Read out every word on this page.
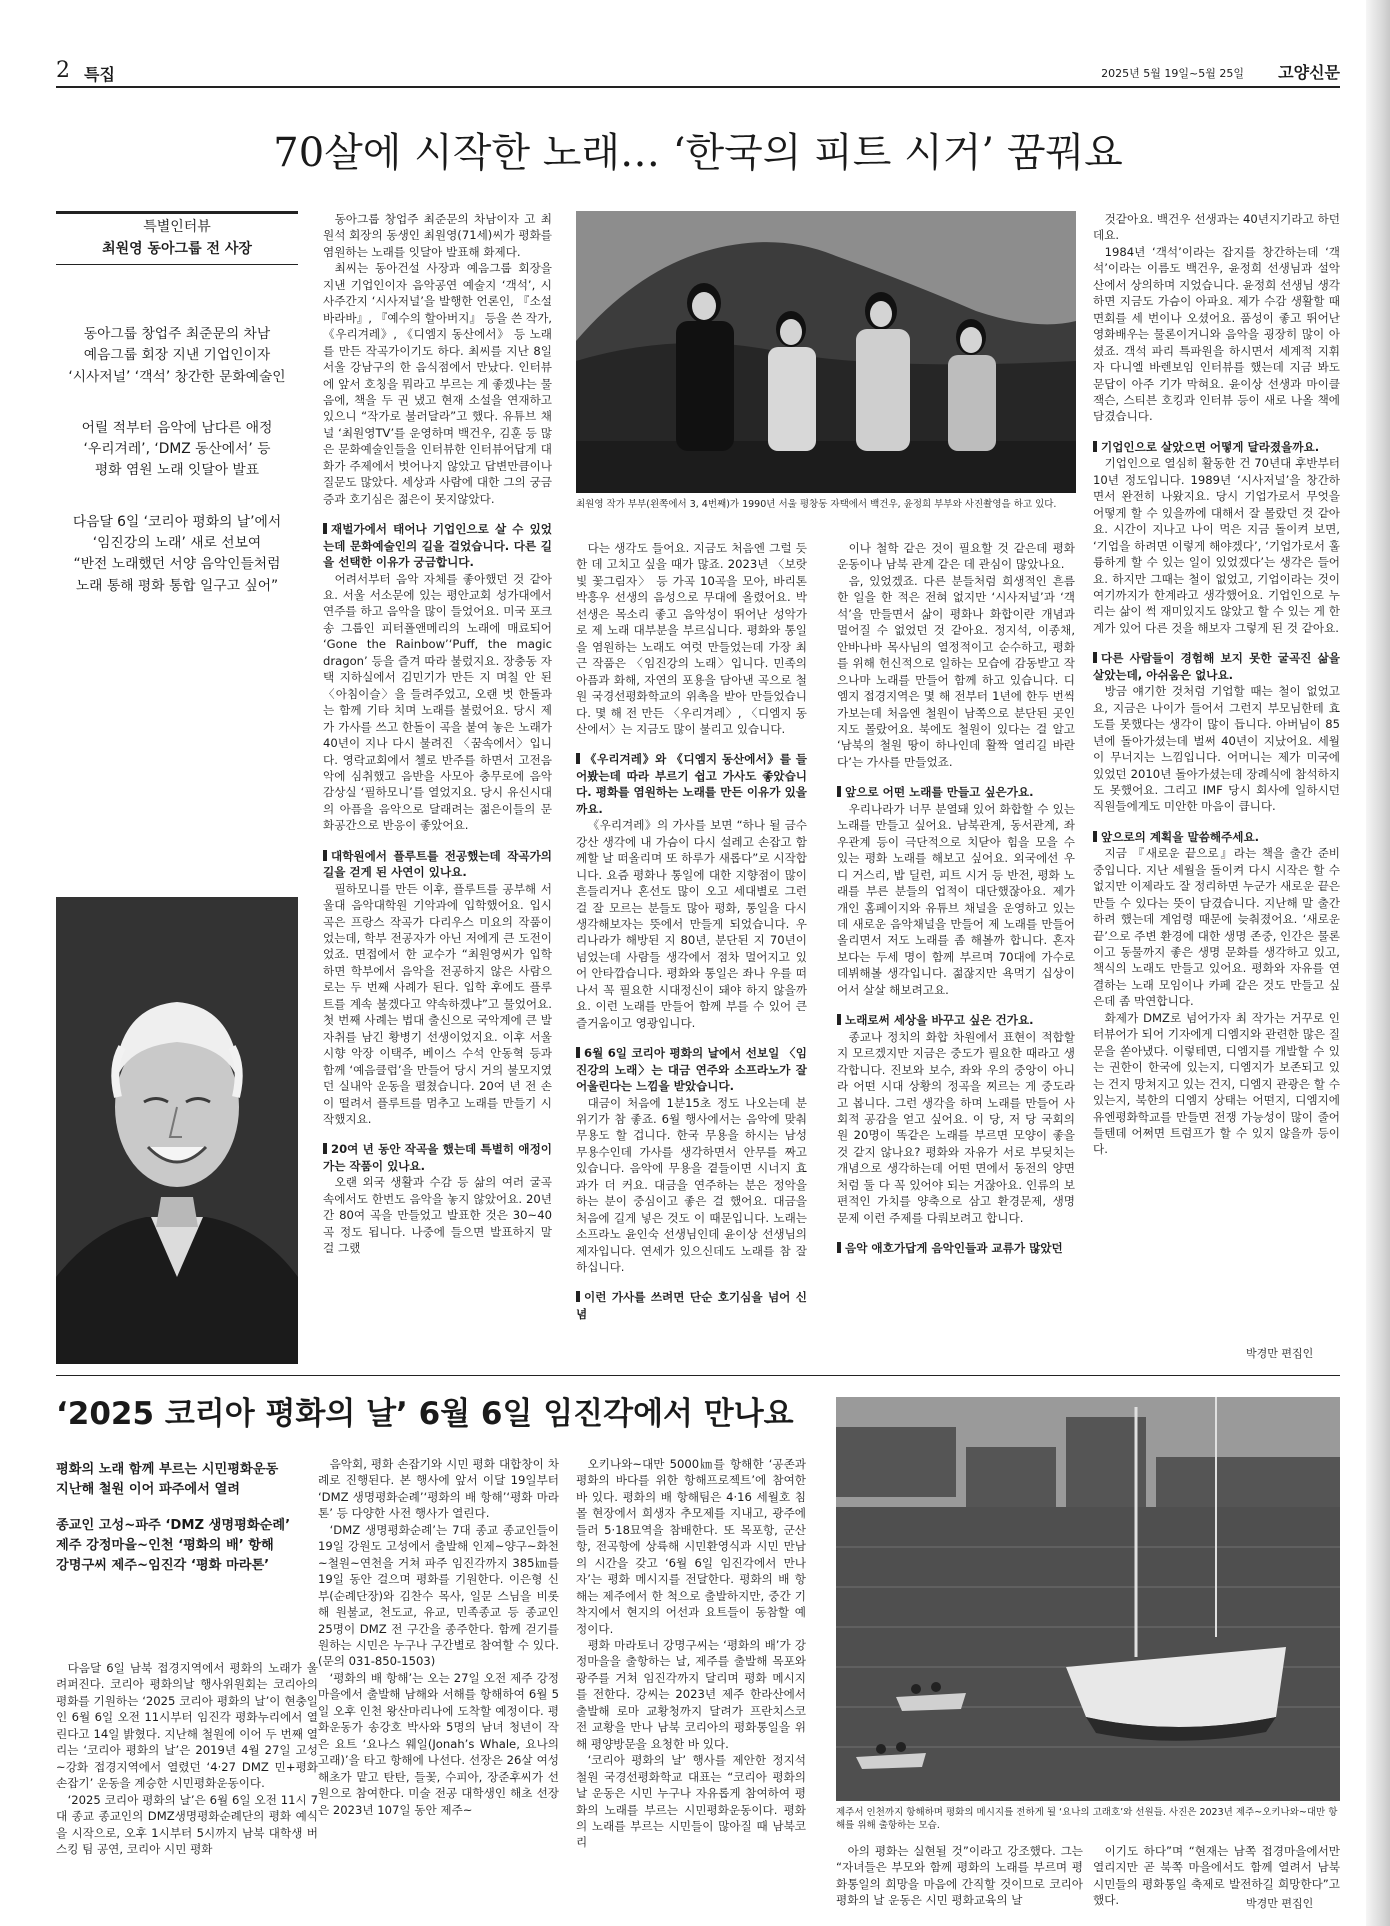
2 특집	2025년 5월 19일~5월 25일 고양신문
70살에 시작한 노래… ‘한국의 피트 시거’ 꿈꿔요
특별인터뷰
최원영 동아그룹 전 사장
동아그룹 창업주 최준문의 차남
예음그룹 회장 지낸 기업인이자
‘시사저널’ ‘객석’ 창간한 문화예술인
어릴 적부터 음악에 남다른 애정
‘우리겨레’, ‘DMZ 동산에서’ 등
평화 염원 노래 잇달아 발표
다음달 6일 ‘코리아 평화의 날’에서
‘임진강의 노래’ 새로 선보여
“반전 노래했던 서양 음악인들처럼
노래 통해 평화 통합 일구고 싶어”
최원영 작가 부부(왼쪽에서 3, 4번째)가 1990년 서울 평창동 자택에서 백건우, 윤정희 부부와 사진촬영을 하고 있다.

동아그룹 창업주 최준문의 차남이자 고 최원석 회장의 동생인 최원영(71세)씨가 평화를 염원하는 노래를 잇달아 발표해 화제다.

최씨는 동아건설 사장과 예음그룹 회장을 지낸 기업인이자 음악공연 예술지 ‘객석’, 시사주간지 ‘시사저널’을 발행한 언론인, 『소설 바라바』, 『예수의 할아버지』 등을 쓴 작가, 《우리겨레》, 《디엠지 동산에서》 등 노래를 만든 작곡가이기도 하다. 최씨를 지난 8일 서울 강남구의 한 음식점에서 만났다. 인터뷰에 앞서 호칭을 뭐라고 부르는 게 좋겠냐는 물음에, 책을 두 권 냈고 현재 소설을 연재하고 있으니 “작가로 불러달라”고 했다. 유튜브 채널 ‘최원영TV’를 운영하며 백건우, 김훈 등 많은 문화예술인들을 인터뷰한 인터뷰어답게 대화가 주제에서 벗어나지 않았고 답변만큼이나 질문도 많았다. 세상과 사람에 대한 그의 궁금증과 호기심은 젊은이 못지않았다.

재벌가에서 태어나 기업인으로 살 수 있었는데 문화예술인의 길을 걸었습니다. 다른 길을 선택한 이유가 궁금합니다.

어려서부터 음악 자체를 좋아했던 것 같아요. 서울 서소문에 있는 평안교회 성가대에서 연주를 하고 음악을 많이 들었어요. 미국 포크송 그룹인 피터폴앤메리의 노래에 매료되어 ‘Gone the Rainbow’‘Puff, the magic dragon’ 등을 즐겨 따라 불렀지요. 장충동 자택 지하실에서 김민기가 만든 지 며칠 안 된 〈아침이슬〉을 들려주었고, 오랜 벗 한돌과는 함께 기타 치며 노래를 불렀어요. 당시 제가 가사를 쓰고 한돌이 곡을 붙여 놓은 노래가 40년이 지나 다시 불려진 〈꿈속에서〉입니다. 영락교회에서 첼로 반주를 하면서 고전음악에 심취했고 음반을 사모아 충무로에 음악감상실 ‘필하모니’를 열었지요. 당시 유신시대의 아픔을 음악으로 달래려는 젊은이들의 문화공간으로 반응이 좋았어요.

대학원에서 플루트를 전공했는데 작곡가의 길을 걷게 된 사연이 있나요.

필하모니를 만든 이후, 플루트를 공부해 서울대 음악대학원 기악과에 입학했어요. 입시 곡은 프랑스 작곡가 다리우스 미요의 작품이었는데, 학부 전공자가 아닌 저에게 큰 도전이었죠. 면접에서 한 교수가 “최원영씨가 입학하면 학부에서 음악을 전공하지 않은 사람으로는 두 번째 사례가 된다. 입학 후에도 플루트를 계속 불겠다고 약속하겠냐”고 물었어요. 첫 번째 사례는 법대 출신으로 국악계에 큰 발자취를 남긴 황병기 선생이었지요. 이후 서울시향 악장 이택주, 베이스 수석 안동혁 등과 함께 ‘예음클럽’을 만들어 당시 거의 불모지였던 실내악 운동을 펼쳤습니다. 20여 년 전 손이 떨려서 플루트를 멈추고 노래를 만들기 시작했지요.

20여 년 동안 작곡을 했는데 특별히 애정이 가는 작품이 있나요.

오랜 외국 생활과 수감 등 삶의 여러 굴곡 속에서도 한번도 음악을 놓지 않았어요. 20년간 80여 곡을 만들었고 발표한 것은 30~40곡 정도 됩니다. 나중에 들으면 발표하지 말 걸 그랬

다는 생각도 들어요. 지금도 처음엔 그럴 듯한 데 고치고 싶을 때가 많죠. 2023년 〈보랏빛 꽃그림자〉 등 가곡 10곡을 모아, 바리톤 박흥우 선생의 음성으로 무대에 올렸어요. 박 선생은 목소리 좋고 음악성이 뛰어난 성악가로 제 노래 대부분을 부르십니다. 평화와 통일을 염원하는 노래도 여럿 만들었는데 가장 최근 작품은 〈임진강의 노래〉입니다. 민족의 아픔과 화해, 자연의 포용을 담아낸 곡으로 철원 국경선평화학교의 위촉을 받아 만들었습니다. 몇 해 전 만든 〈우리겨레〉, 〈디엠지 동산에서〉는 지금도 많이 불리고 있습니다.

《우리겨레》와 《디엠지 동산에서》를 들어봤는데 따라 부르기 쉽고 가사도 좋았습니다. 평화를 염원하는 노래를 만든 이유가 있을까요.

《우리겨레》의 가사를 보면 “하나 될 금수강산 생각에 내 가슴이 다시 설레고 손잡고 함께할 날 떠올리며 또 하루가 새롭다”로 시작합니다. 요즘 평화나 통일에 대한 지향점이 많이 흔들리거나 혼선도 많이 오고 세대별로 그런 걸 잘 모르는 분들도 많아 평화, 통일을 다시 생각해보자는 뜻에서 만들게 되었습니다. 우리나라가 해방된 지 80년, 분단된 지 70년이 넘었는데 사람들 생각에서 점차 멀어지고 있어 안타깝습니다. 평화와 통일은 좌나 우를 떠나서 꼭 필요한 시대정신이 돼야 하지 않을까요. 이런 노래를 만들어 함께 부를 수 있어 큰 즐거움이고 영광입니다.

6월 6일 코리아 평화의 날에서 선보일 〈임진강의 노래〉는 대금 연주와 소프라노가 잘 어울린다는 느낌을 받았습니다.

대금이 처음에 1분15초 정도 나오는데 분위기가 참 좋죠. 6월 행사에서는 음악에 맞춰 무용도 할 겁니다. 한국 무용을 하시는 남성 무용수인데 가사를 생각하면서 안무를 짜고 있습니다. 음악에 무용을 곁들이면 시너지 효과가 더 커요. 대금을 연주하는 분은 정악을 하는 분이 중심이고 좋은 걸 했어요. 대금을 처음에 길게 넣은 것도 이 때문입니다. 노래는 소프라노 윤인숙 선생님인데 윤이상 선생님의 제자입니다. 연세가 있으신데도 노래를 참 잘하십니다.

이런 가사를 쓰려면 단순 호기심을 넘어 신념

이나 철학 같은 것이 필요할 것 같은데 평화운동이나 남북 관계 같은 데 관심이 많았나요.

음, 있었겠죠. 다른 분들처럼 희생적인 흔름한 일을 한 적은 전혀 없지만 ‘시사저널’과 ‘객석’을 만들면서 삶이 평화나 화합이란 개념과 멀어질 수 없었던 것 같아요. 정지석, 이종채, 안바나바 목사님의 열정적이고 순수하고, 평화를 위해 헌신적으로 일하는 모습에 감동받고 작으나마 노래를 만들어 함께 하고 있습니다. 디엠지 접경지역은 몇 해 전부터 1년에 한두 번씩 가보는데 처음엔 철원이 남쪽으로 분단된 곳인지도 몰랐어요. 북에도 철원이 있다는 걸 알고 ‘남북의 철원 땅이 하나인데 활짝 열리길 바란다’는 가사를 만들었죠.

앞으로 어떤 노래를 만들고 싶은가요.

우리나라가 너무 분열돼 있어 화합할 수 있는 노래를 만들고 싶어요. 남북관계, 동서관계, 좌우관계 등이 극단적으로 치닫아 힘을 모을 수 있는 평화 노래를 해보고 싶어요. 외국에선 우디 거스리, 밥 딜런, 피트 시거 등 반전, 평화 노래를 부른 분들의 업적이 대단했잖아요. 제가 개인 홈페이지와 유튜브 채널을 운영하고 있는데 새로운 음악채널을 만들어 제 노래를 만들어 올리면서 저도 노래를 좀 해볼까 합니다. 혼자보다는 두세 명이 함께 부르며 70대에 가수로 데뷔해볼 생각입니다. 젊잖지만 욕먹기 십상이어서 살살 해보려고요.

노래로써 세상을 바꾸고 싶은 건가요.

종교나 정치의 화합 차원에서 표현이 적합할지 모르겠지만 지금은 중도가 필요한 때라고 생각합니다. 진보와 보수, 좌와 우의 중앙이 아니라 어떤 시대 상황의 정곡을 찌르는 게 중도라고 봅니다. 그런 생각을 하며 노래를 만들어 사회적 공감을 얻고 싶어요. 이 당, 저 당 국회의원 20명이 똑같은 노래를 부르면 모양이 좋을 것 같지 않나요? 평화와 자유가 서로 부딪치는 개념으로 생각하는데 어떤 면에서 동전의 양면처럼 둘 다 꼭 있어야 되는 거잖아요. 인류의 보편적인 가치를 양축으로 삼고 환경문제, 생명 문제 이런 주제를 다뤄보려고 합니다.

음악 애호가답게 음악인들과 교류가 많았던

것같아요. 백건우 선생과는 40년지기라고 하던데요.

1984년 ‘객석’이라는 잡지를 창간하는데 ‘객석’이라는 이름도 백건우, 윤정희 선생님과 설악산에서 상의하며 지었습니다. 윤정희 선생님 생각하면 지금도 가슴이 아파요. 제가 수감 생활할 때 면회를 세 번이나 오셨어요. 품성이 좋고 뛰어난 영화배우는 물론이거니와 음악을 굉장히 많이 아셨죠. 객석 파리 특파원을 하시면서 세계적 지휘자 다니엘 바렌보임 인터뷰를 했는데 지금 봐도 문답이 아주 기가 막혀요. 윤이상 선생과 마이클 잭슨, 스티븐 호킹과 인터뷰 등이 새로 나올 책에 담겼습니다.

기업인으로 살았으면 어떻게 달라졌을까요.

기업인으로 열심히 활동한 건 70년대 후반부터 10년 정도입니다. 1989년 ‘시사저널’을 창간하면서 완전히 나왔지요. 당시 기업가로서 무엇을 어떻게 할 수 있을까에 대해서 잘 몰랐던 것 같아요. 시간이 지나고 나이 먹은 지금 돌이켜 보면, ‘기업을 하려면 이렇게 해야겠다’, ‘기업가로서 훌륭하게 할 수 있는 일이 있었겠다’는 생각은 들어요. 하지만 그때는 철이 없었고, 기업이라는 것이 여기까지가 한계라고 생각했어요. 기업인으로 누리는 삶이 썩 재미있지도 않았고 할 수 있는 게 한계가 있어 다른 것을 해보자 그렇게 된 것 같아요.

다른 사람들이 경험해 보지 못한 굴곡진 삶을 살았는데, 아쉬움은 없나요.

방금 얘기한 것처럼 기업할 때는 철이 없었고요, 지금은 나이가 들어서 그런지 부모님한테 효도를 못했다는 생각이 많이 듭니다. 아버님이 85년에 돌아가셨는데 벌써 40년이 지났어요. 세월이 무너지는 느낌입니다. 어머니는 제가 미국에 있었던 2010년 돌아가셨는데 장례식에 참석하지도 못했어요. 그리고 IMF 당시 회사에 일하시던 직원들에게도 미안한 마음이 큽니다.

앞으로의 계획을 말씀해주세요.

지금 『새로운 끝으로』라는 책을 출간 준비 중입니다. 지난 세월을 돌이켜 다시 시작은 할 수 없지만 이제라도 잘 정리하면 누군가 새로운 끝은 만들 수 있다는 뜻이 담겼습니다. 지난해 말 출간하려 했는데 계엄령 때문에 늦춰졌어요. ‘새로운 끝’으로 주변 환경에 대한 생명 존중, 인간은 물론이고 동물까지 좋은 생명 문화를 생각하고 있고, 책식의 노래도 만들고 있어요. 평화와 자유를 연결하는 노래 모임이나 카페 같은 것도 만들고 싶은데 좀 막연합니다.

화제가 DMZ로 넘어가자 최 작가는 거꾸로 인터뷰어가 되어 기자에게 디엠지와 관련한 많은 질문을 쏟아냈다. 이렇테면, 디엠지를 개발할 수 있는 권한이 한국에 있는지, 디엠지가 보존되고 있는 건지 망쳐지고 있는 건지, 디엠지 관광은 할 수 있는지, 북한의 디엠지 상태는 어떤지, 디엠지에 유엔평화학교를 만들면 전쟁 가능성이 많이 줄어들텐데 어쩌면 트럼프가 할 수 있지 않을까 등이다.

박경만 편집인
‘2025 코리아 평화의 날’ 6월 6일 임진각에서 만나요
평화의 노래 함께 부르는 시민평화운동
지난해 철원 이어 파주에서 열려
종교인 고성~파주 ‘DMZ 생명평화순례’
제주 강정마을~인천 ‘평화의 배’ 항해
강명구씨 제주~임진각 ‘평화 마라톤’

다음달 6일 남북 접경지역에서 평화의 노래가 울려퍼진다. 코리아 평화의날 행사위원회는 코리아의 평화를 기원하는 ‘2025 코리아 평화의 날’이 현충일인 6월 6일 오전 11시부터 임진각 평화누리에서 열린다고 14일 밝혔다. 지난해 철원에 이어 두 번째 열리는 ‘코리아 평화의 날’은 2019년 4월 27일 고성~강화 접경지역에서 열렸던 ‘4·27 DMZ 민+평화손잡기’ 운동을 계승한 시민평화운동이다.

‘2025 코리아 평화의 날’은 6월 6일 오전 11시 7대 종교 종교인의 DMZ생명평화순례단의 평화 예식을 시작으로, 오후 1시부터 5시까지 남북 대학생 버스킹 팀 공연, 코리아 시민 평화

음악회, 평화 손잡기와 시민 평화 대합창이 차례로 진행된다. 본 행사에 앞서 이달 19일부터 ‘DMZ 생명평화순례’‘평화의 배 항해’‘평화 마라톤’ 등 다양한 사전 행사가 열린다.

‘DMZ 생명평화순례’는 7대 종교 종교인들이 19일 강원도 고성에서 출발해 인제~양구~화천~철원~연천을 거쳐 파주 임진각까지 385㎞를 19일 동안 걸으며 평화를 기원한다. 이은형 신부(순례단장)와 김찬수 목사, 일문 스님을 비롯해 원불교, 천도교, 유교, 민족종교 등 종교인 25명이 DMZ 전 구간을 종주한다. 함께 걷기를 원하는 시민은 누구나 구간별로 참여할 수 있다. (문의 031-850-1503)

‘평화의 배 항해’는 오는 27일 오전 제주 강정마을에서 출발해 남해와 서해를 항해하여 6월 5일 오후 인천 왕산마리나에 도착할 예정이다. 평화운동가 송강호 박사와 5명의 남녀 청년이 작은 요트 ‘요나스 웨일(Jonah’s Whale, 요나의 고래)’을 타고 항해에 나선다. 선장은 26살 여성 해초가 맡고 탄탄, 들꽃, 수피아, 장준후씨가 선원으로 참여한다. 미술 전공 대학생인 해초 선장은 2023년 107일 동안 제주~

오키나와~대만 5000㎞를 항해한 ‘공존과 평화의 바다를 위한 항해프로젝트’에 참여한 바 있다. 평화의 배 항해팀은 4·16 세월호 침몰 현장에서 희생자 추모제를 지내고, 광주에 들러 5·18묘역을 참배한다. 또 목포항, 군산항, 전곡항에 상륙해 시민환영식과 시민 만남의 시간을 갖고 ‘6월 6일 임진각에서 만나자’는 평화 메시지를 전달한다. 평화의 배 항해는 제주에서 한 척으로 출발하지만, 중간 기착지에서 현지의 어선과 요트들이 동참할 예정이다.

평화 마라토너 강명구씨는 ‘평화의 배’가 강정마을을 출항하는 날, 제주를 출발해 목포와 광주를 거쳐 임진각까지 달리며 평화 메시지를 전한다. 강씨는 2023년 제주 한라산에서 출발해 로마 교황청까지 달려가 프란치스코 전 교황을 만나 남북 코리아의 평화통일을 위해 평양방문을 요청한 바 있다.

‘코리아 평화의 날’ 행사를 제안한 정지석 철원 국경선평화학교 대표는 “코리아 평화의 날 운동은 시민 누구나 자유롭게 참여하여 평화의 노래를 부르는 시민평화운동이다. 평화의 노래를 부르는 시민들이 많아질 때 남북코리

제주서 인천까지 항해하며 평화의 메시지를 전하게 될 ‘요나의 고래호’와 선원들. 사진은 2023년 제주~오키나와~대만 항해를 위해 출항하는 모습.

아의 평화는 실현될 것”이라고 강조했다. 그는 “자녀들은 부모와 함께 평화의 노래를 부르며 평화통일의 희망을 마음에 간직할 것이므로 코리아 평화의 날 운동은 시민 평화교육의 날

이기도 하다”며 “현재는 남쪽 접경마을에서만 열리지만 곧 북쪽 마을에서도 함께 열려서 남북 시민들의 평화통일 축제로 발전하길 희망한다”고 했다.	박경만 편집인
